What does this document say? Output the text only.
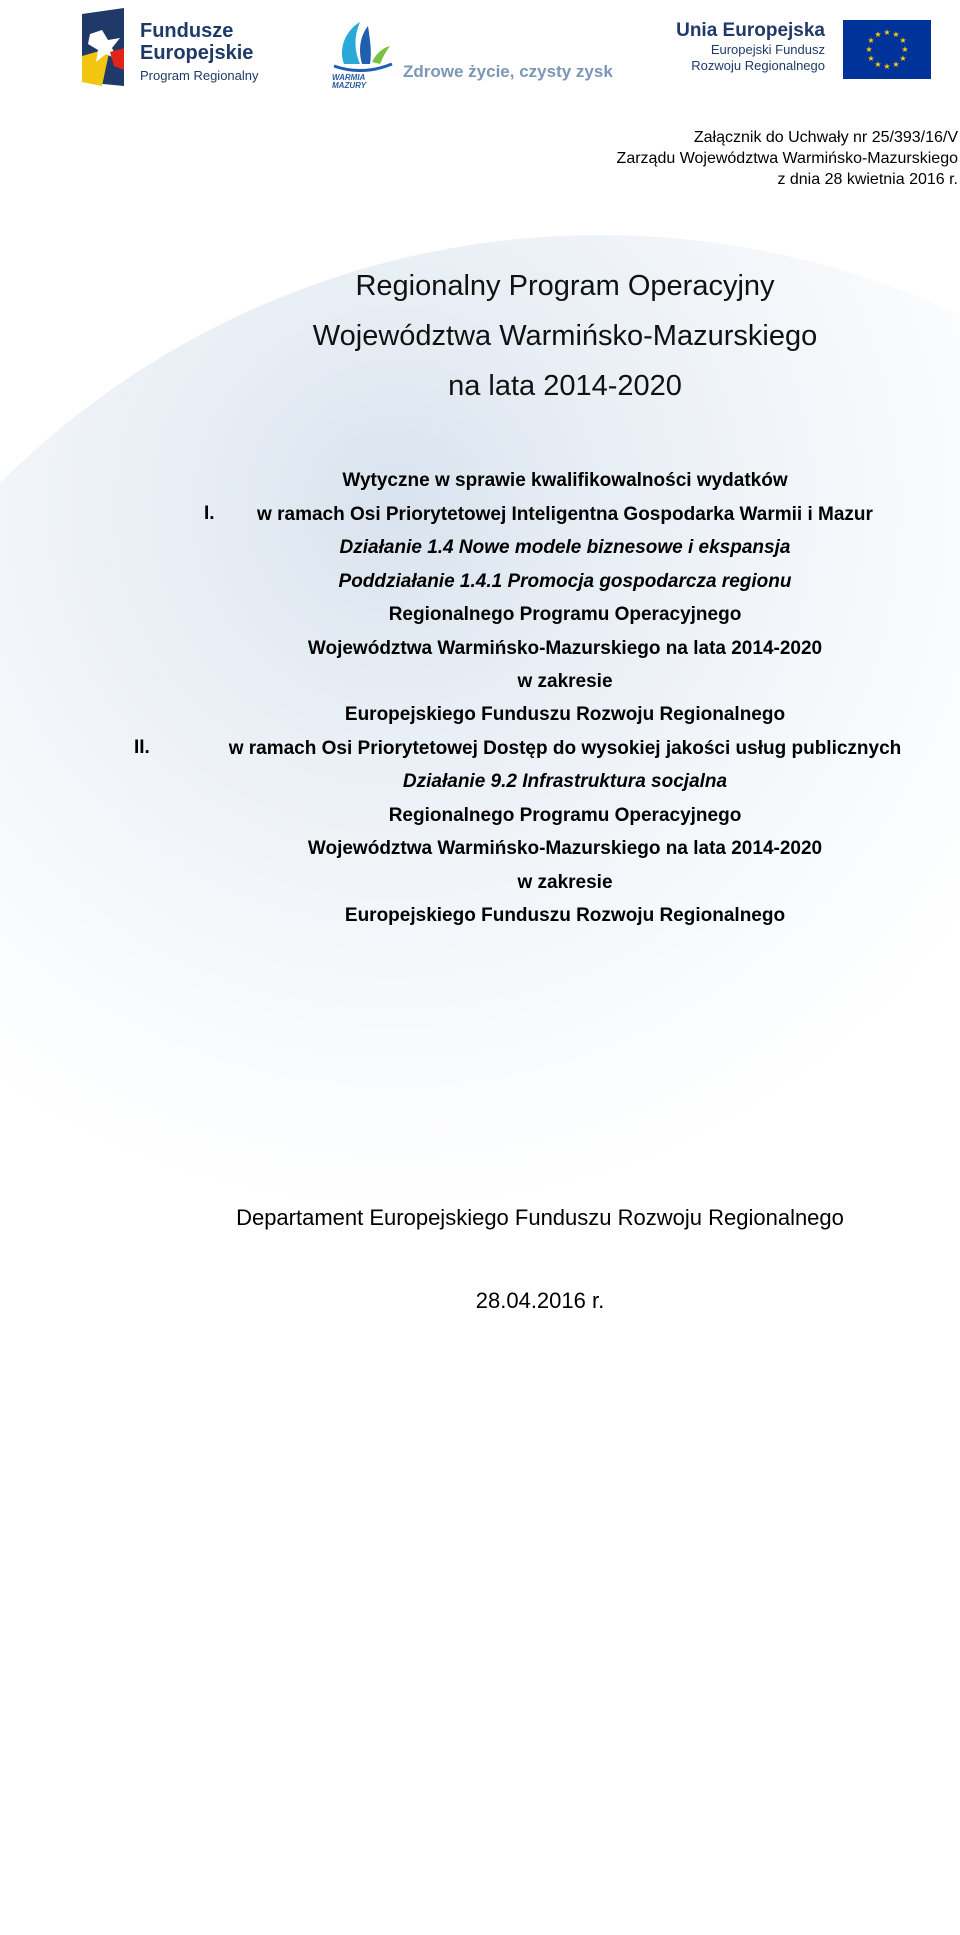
Fundusze
Europejskie
Program Regionalny	WARMIA
MAZURY
Zdrowe życie, czysty zysk
Unia Europejska
Europejski Fundusz
Rozwoju Regionalnego
★ ★
★
★
★
★
★
★
★
★
★
★
Załącznik do Uchwały nr 25/393/16/V
Zarządu Województwa Warmińsko-Mazurskiego
z dnia 28 kwietnia 2016 r.
Regionalny Program Operacyjny
Województwa Warmińsko-Mazurskiego
na lata 2014-2020
Wytyczne w sprawie kwalifikowalności wydatków
I.	w ramach Osi Priorytetowej Inteligentna Gospodarka Warmii i Mazur
Działanie 1.4 Nowe modele biznesowe i ekspansja
Poddziałanie 1.4.1 Promocja gospodarcza regionu
Regionalnego Programu Operacyjnego
Województwa Warmińsko-Mazurskiego na lata 2014-2020
w zakresie
Europejskiego Funduszu Rozwoju Regionalnego
II.	w ramach Osi Priorytetowej Dostęp do wysokiej jakości usług publicznych
Działanie 9.2 Infrastruktura socjalna
Regionalnego Programu Operacyjnego
Województwa Warmińsko-Mazurskiego na lata 2014-2020
w zakresie
Europejskiego Funduszu Rozwoju Regionalnego
Departament Europejskiego Funduszu Rozwoju Regionalnego
28.04.2016 r.
